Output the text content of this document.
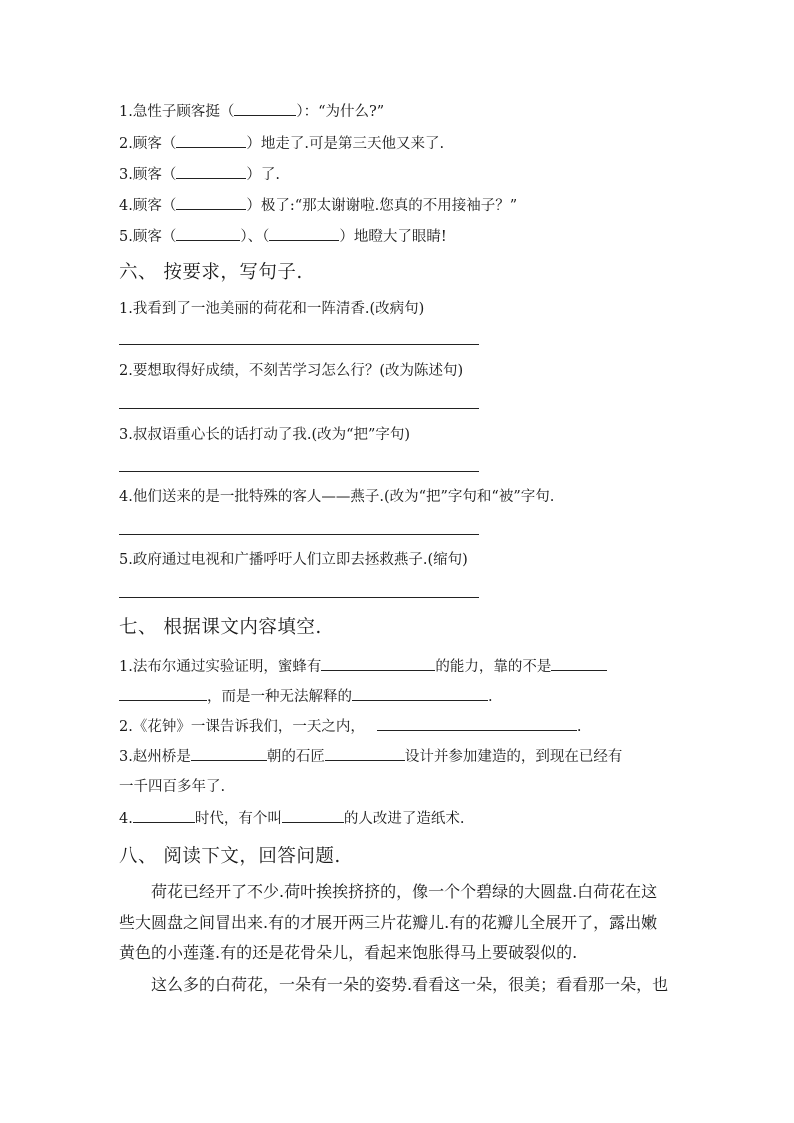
1.急性子顾客挺（	）：“为什么?”
2.顾客（	）地走了.可是第三天他又来了.
3.顾客（	）了.
4.顾客（	）极了:“那太谢谢啦.您真的不用接袖子？”
5.顾客（	）、（	）地瞪大了眼睛!
六、 按要求，写句子.
1.我看到了一池美丽的荷花和一阵清香.(改病句)
2.要想取得好成绩，不刻苦学习怎么行？(改为陈述句)
3.叔叔语重心长的话打动了我.(改为“把”字句)
4.他们送来的是一批特殊的客人——燕子.(改为“把”字句和“被”字句.
5.政府通过电视和广播呼吁人们立即去拯救燕子.(缩句)
七、 根据课文内容填空.
1.法布尔通过实验证明，蜜蜂有	的能力，靠的不是
，而是一种无法解释的	.
2.《花钟》一课告诉我们，一天之内，	.
3.赵州桥是	朝的石匠	设计并参加建造的，到现在已经有
一千四百多年了.
4.	时代，有个叫	的人改进了造纸术.
八、 阅读下文，回答问题.
荷花已经开了不少.荷叶挨挨挤挤的，像一个个碧绿的大圆盘.白荷花在这
些大圆盘之间冒出来.有的才展开两三片花瓣儿.有的花瓣儿全展开了，露出嫩
黄色的小莲蓬.有的还是花骨朵儿，看起来饱胀得马上要破裂似的.
这么多的白荷花，一朵有一朵的姿势.看看这一朵，很美；看看那一朵，也
